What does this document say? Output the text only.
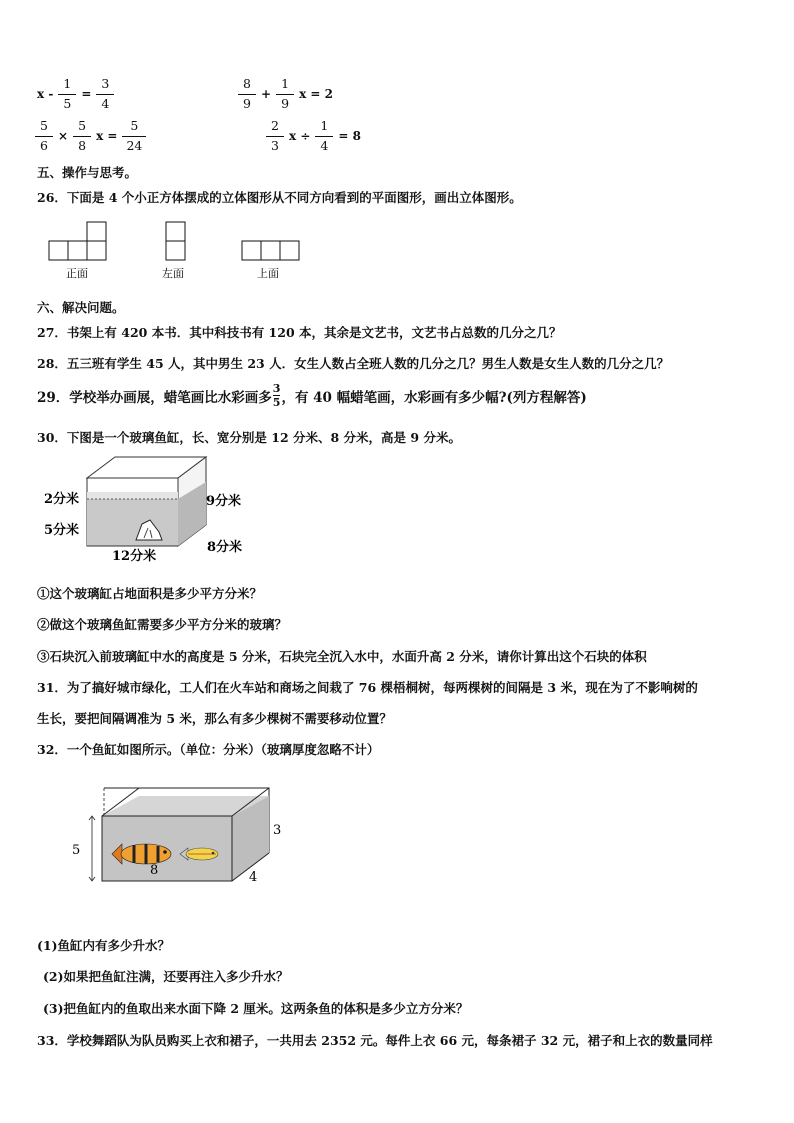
$x - \frac{1}{5} = \frac{3}{4}$	$\frac{8}{9} + \frac{1}{9}$ x = 2
$\frac{5}{6} \times \frac{5}{8}$ $x = \frac{5}{24}$	$\frac{2}{3}$ $x \div \frac{1}{4} = 8$
五、操作与思考。
26．下面是 4 个小正方体摆成的立体图形从不同方向看到的平面图形，画出立体图形。
正面	左面	上面
六、解决问题。
27．书架上有 420 本书．其中科技书有 120 本，其余是文艺书，文艺书占总数的几分之几？
28．五三班有学生 45 人，其中男生 23 人．女生人数占全班人数的几分之几？男生人数是女生人数的几分之几？
29．学校举办画展，蜡笔画比水彩画多 $\frac{3}{5}$ ，有 40 幅蜡笔画，水彩画有多少幅?(列方程解答)
30．下图是一个玻璃鱼缸，长、宽分别是 12 分米、8 分米，高是 9 分米。
2分米
5分米
9分米
8分米
12分米
①这个玻璃缸占地面积是多少平方分米？
②做这个玻璃鱼缸需要多少平方分米的玻璃？
③石块沉入前玻璃缸中水的高度是 5 分米，石块完全沉入水中，水面升高 2 分米，请你计算出这个石块的体积
31．为了搞好城市绿化，工人们在火车站和商场之间栽了 76 棵梧桐树，每两棵树的间隔是 3 米，现在为了不影响树的
生长，要把间隔调准为 5 米，那么有多少棵树不需要移动位置？
32．一个鱼缸如图所示。（单位：分米）（玻璃厚度忽略不计）
5
3
4
8
(1)鱼缸内有多少升水？
(2)如果把鱼缸注满，还要再注入多少升水？
(3)把鱼缸内的鱼取出来水面下降 2 厘米。这两条鱼的体积是多少立方分米？
33．学校舞蹈队为队员购买上衣和裙子，一共用去 2352 元。每件上衣 66 元，每条裙子 32 元，裙子和上衣的数量同样
